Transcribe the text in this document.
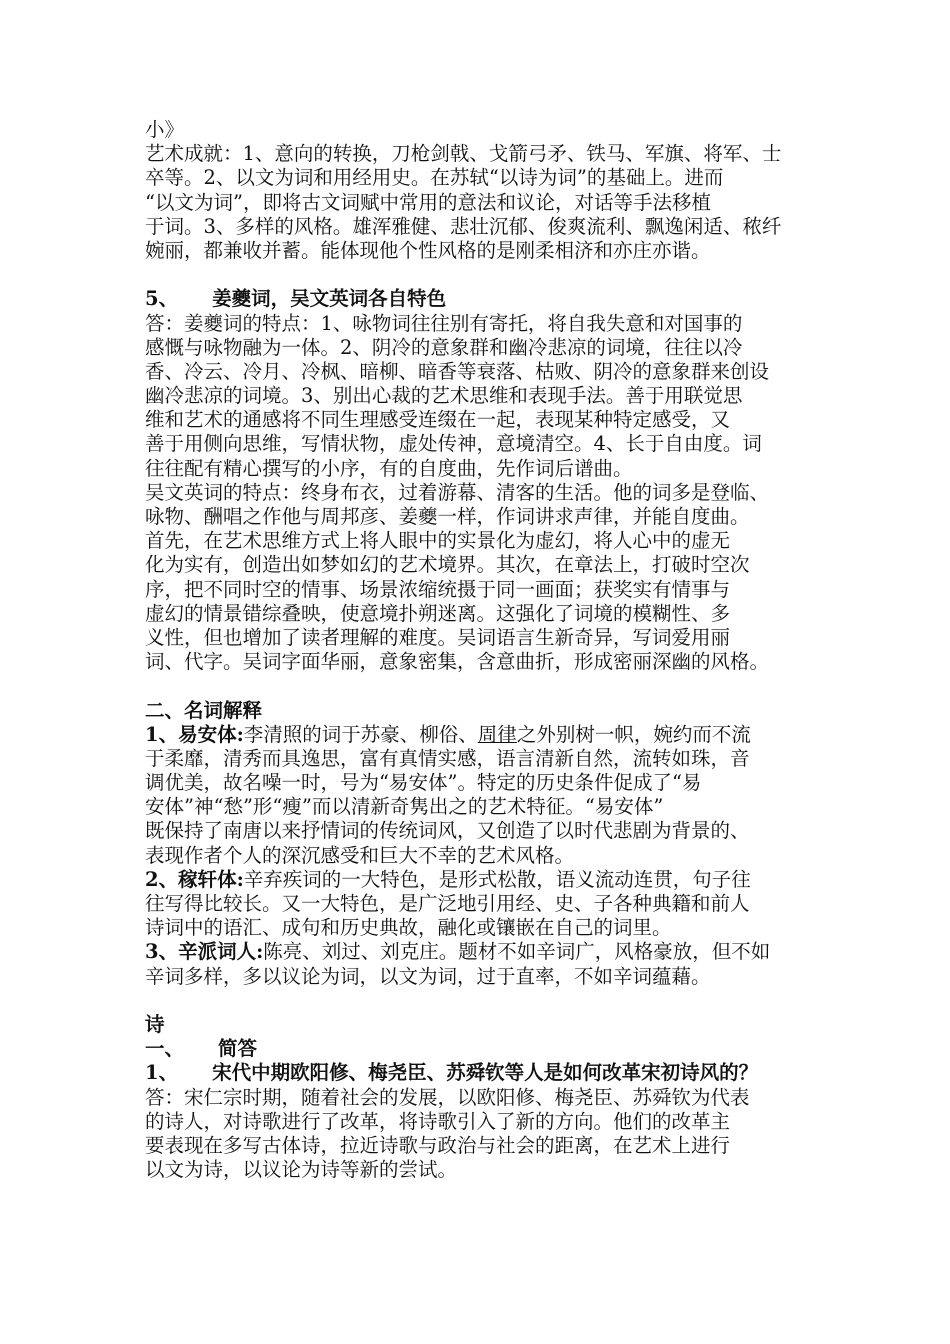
小》
艺术成就：1、意向的转换，刀枪剑戟、戈箭弓矛、铁马、军旗、将军、士
卒等。2、以文为词和用经用史。在苏轼“以诗为词”的基础上。进而
“以文为词”，即将古文词赋中常用的意法和议论，对话等手法移植
于词。3、多样的风格。雄浑雅健、悲壮沉郁、俊爽流利、飘逸闲适、秾纤
婉丽，都兼收并蓄。能体现他个性风格的是刚柔相济和亦庄亦谐。
5、 姜夔词，吴文英词各自特色
答：姜夔词的特点：1、咏物词往往别有寄托，将自我失意和对国事的
感慨与咏物融为一体。2、阴冷的意象群和幽冷悲凉的词境，往往以冷
香、冷云、冷月、冷枫、暗柳、暗香等衰落、枯败、阴冷的意象群来创设
幽冷悲凉的词境。3、别出心裁的艺术思维和表现手法。善于用联觉思
维和艺术的通感将不同生理感受连缀在一起，表现某种特定感受，又
善于用侧向思维，写情状物，虚处传神，意境清空。4、长于自由度。词
往往配有精心撰写的小序，有的自度曲，先作词后谱曲。
吴文英词的特点：终身布衣，过着游幕、清客的生活。他的词多是登临、
咏物、酬唱之作他与周邦彦、姜夔一样，作词讲求声律，并能自度曲。
首先，在艺术思维方式上将人眼中的实景化为虚幻，将人心中的虚无
化为实有，创造出如梦如幻的艺术境界。其次，在章法上，打破时空次
序，把不同时空的情事、场景浓缩统摄于同一画面；获奖实有情事与
虚幻的情景错综叠映，使意境扑朔迷离。这强化了词境的模糊性、多
义性，但也增加了读者理解的难度。吴词语言生新奇异，写词爱用丽
词、代字。吴词字面华丽，意象密集，含意曲折，形成密丽深幽的风格。
二、名词解释
1、易安体:李清照的词于苏豪、柳俗、周律之外别树一帜，婉约而不流
于柔靡，清秀而具逸思，富有真情实感，语言清新自然，流转如珠，音
调优美，故名噪一时，号为“易安体”。特定的历史条件促成了“易
安体”神“愁”形“瘦”而以清新奇隽出之的艺术特征。“易安体”
既保持了南唐以来抒情词的传统词风，又创造了以时代悲剧为背景的、
表现作者个人的深沉感受和巨大不幸的艺术风格。
2、稼轩体:辛弃疾词的一大特色，是形式松散，语义流动连贯，句子往
往写得比较长。又一大特色，是广泛地引用经、史、子各种典籍和前人
诗词中的语汇、成句和历史典故，融化或镶嵌在自己的词里。
3、辛派词人:陈亮、刘过、刘克庄。题材不如辛词广，风格豪放，但不如
辛词多样，多以议论为词，以文为词，过于直率，不如辛词蕴藉。
诗
一、 简答
1、 宋代中期欧阳修、梅尧臣、苏舜钦等人是如何改革宋初诗风的？
答：宋仁宗时期，随着社会的发展，以欧阳修、梅尧臣、苏舜钦为代表
的诗人，对诗歌进行了改革，将诗歌引入了新的方向。他们的改革主
要表现在多写古体诗，拉近诗歌与政治与社会的距离，在艺术上进行
以文为诗，以议论为诗等新的尝试。
